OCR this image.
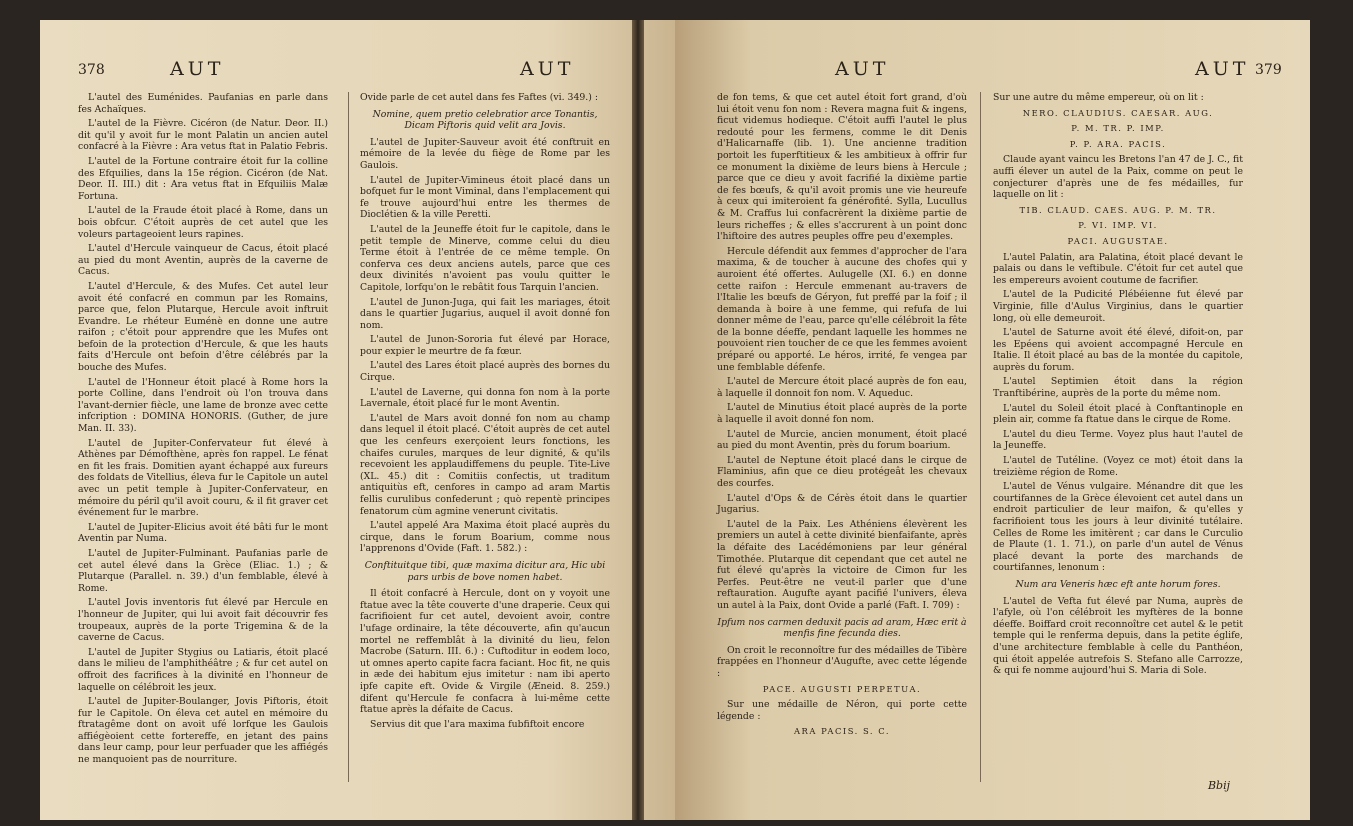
378	AUT	AUT

L'autel des Euménides. Paufanias en parle dans fes Achaïques.

L'autel de la Fièvre. Cicéron (de Natur. Deor. II.) dit qu'il y avoit fur le mont Palatin un ancien autel confacré à la Fièvre : Ara vetus ftat in Palatio Febris.

L'autel de la Fortune contraire étoit fur la colline des Efquilies, dans la 15e région. Cicéron (de Nat. Deor. II. III.) dit : Ara vetus ftat in Efquiliis Malæ Fortuna.

L'autel de la Fraude étoit placé à Rome, dans un bois obfcur. C'étoit auprès de cet autel que les voleurs partageoient leurs rapines.

L'autel d'Hercule vainqueur de Cacus, étoit placé au pied du mont Aventin, auprès de la caverne de Cacus.

L'autel d'Hercule, & des Mufes. Cet autel leur avoit été confacré en commun par les Romains, parce que, felon Plutarque, Hercule avoit inftruit Evandre. Le rhéteur Euménè en donne une autre raifon ; c'étoit pour apprendre que les Mufes ont befoin de la protection d'Hercule, & que les hauts faits d'Hercule ont befoin d'être célébrés par la bouche des Mufes.

L'autel de l'Honneur étoit placé à Rome hors la porte Colline, dans l'endroit où l'on trouva dans l'avant-dernier fiècle, une lame de bronze avec cette infcription : DOMINA HONORIS. (Guther, de jure Man. II. 33).

L'autel de Jupiter-Confervateur fut élevé à Athènes par Démofthène, après fon rappel. Le fénat en fit les frais. Domitien ayant échappé aux fureurs des foldats de Vitellius, éleva fur le Capitole un autel avec un petit temple à Jupiter-Confervateur, en mémoire du péril qu'il avoit couru, & il fit graver cet événement fur le marbre.

L'autel de Jupiter-Elicius avoit été bâti fur le mont Aventin par Numa.

L'autel de Jupiter-Fulminant. Paufanias parle de cet autel élevé dans la Grèce (Eliac. 1.) ; & Plutarque (Parallel. n. 39.) d'un femblable, élevé à Rome.

L'autel Jovis inventoris fut élevé par Hercule en l'honneur de Jupiter, qui lui avoit fait découvrir fes troupeaux, auprès de la porte Trigemina & de la caverne de Cacus.

L'autel de Jupiter Stygius ou Latiaris, étoit placé dans le milieu de l'amphithéâtre ; & fur cet autel on offroit des facrifices à la divinité en l'honneur de laquelle on célébroit les jeux.

L'autel de Jupiter-Boulanger, Jovis Piftoris, étoit fur le Capitole. On éleva cet autel en mémoire du ftratagême dont on avoit ufé lorfque les Gaulois affiégèoient cette fortereffe, en jetant des pains dans leur camp, pour leur perfuader que les affiégés ne manquoient pas de nourriture.

Ovide parle de cet autel dans fes Faftes (vi. 349.) :

Nomine, quem pretio celebratior arce Tonantis, Dicam Piftoris quid velit ara Jovis.

L'autel de Jupiter-Sauveur avoit été conftruit en mémoire de la levée du fiège de Rome par les Gaulois.

L'autel de Jupiter-Vimineus étoit placé dans un bofquet fur le mont Viminal, dans l'emplacement qui fe trouve aujourd'hui entre les thermes de Dioclétien & la ville Peretti.

L'autel de la Jeuneffe étoit fur le capitole, dans le petit temple de Minerve, comme celui du dieu Terme étoit à l'entrée de ce même temple. On conferva ces deux anciens autels, parce que ces deux divinités n'avoient pas voulu quitter le Capitole, lorfqu'on le rebâtit fous Tarquin l'ancien.

L'autel de Junon-Juga, qui fait les mariages, étoit dans le quartier Jugarius, auquel il avoit donné fon nom.

L'autel de Junon-Sororia fut élevé par Horace, pour expier le meurtre de fa fœur.

L'autel des Lares étoit placé auprès des bornes du Cirque.

L'autel de Laverne, qui donna fon nom à la porte Lavernale, étoit placé fur le mont Aventin.

L'autel de Mars avoit donné fon nom au champ dans lequel il étoit placé. C'étoit auprès de cet autel que les cenfeurs exerçoient leurs fonctions, les chaifes curules, marques de leur dignité, & qu'ils recevoient les applaudiffemens du peuple. Tite-Live (XL. 45.) dit : Comitiis confectis, ut traditum antiquitùs eft, cenfores in campo ad aram Martis fellis curulibus confederunt ; quò repentè principes fenatorum cùm agmine venerunt civitatis.

L'autel appelé Ara Maxima étoit placé auprès du cirque, dans le forum Boarium, comme nous l'apprenons d'Ovide (Faft. 1. 582.) :

Conftituitque tibi, quæ maxima dicitur ara, Hic ubi pars urbis de bove nomen habet.

Il étoit confacré à Hercule, dont on y voyoit une ftatue avec la tête couverte d'une draperie. Ceux qui facrifioient fur cet autel, devoient avoir, contre l'ufage ordinaire, la tête découverte, afin qu'aucun mortel ne reffemblât à la divinité du lieu, felon Macrobe (Saturn. III. 6.) : Cuftoditur in eodem loco, ut omnes aperto capite facra faciant. Hoc fit, ne quis in æde dei habitum ejus imitetur : nam ibi aperto ipfe capite eft. Ovide & Virgile (Æneid. 8. 259.) difent qu'Hercule fe confacra à lui-même cette ftatue après la défaite de Cacus.

Servius dit que l'ara maxima fubfiftoit encore

AUT	AUT 379

de fon tems, & que cet autel étoit fort grand, d'où lui étoit venu fon nom : Revera magna fuit & ingens, ficut videmus hodieque. C'étoit auffi l'autel le plus redouté pour les fermens, comme le dit Denis d'Halicarnaffe (lib. 1). Une ancienne tradition portoit les fuperftitieux & les ambitieux à offrir fur ce monument la dixième de leurs biens à Hercule ; parce que ce dieu y avoit facrifié la dixième partie de fes bœufs, & qu'il avoit promis une vie heureufe à ceux qui imiteroient fa générofité. Sylla, Lucullus & M. Craffus lui confacrèrent la dixième partie de leurs richeffes ; & elles s'accrurent à un point donc l'hiftoire des autres peuples offre peu d'exemples.

Hercule défendit aux femmes d'approcher de l'ara maxima, & de toucher à aucune des chofes qui y auroient été offertes. Aulugelle (XI. 6.) en donne cette raifon : Hercule emmenant au-travers de l'Italie les bœufs de Géryon, fut preffé par la foif ; il demanda à boire à une femme, qui refufa de lui donner même de l'eau, parce qu'elle célébroit la fête de la bonne déeffe, pendant laquelle les hommes ne pouvoient rien toucher de ce que les femmes avoient préparé ou apporté. Le héros, irrité, fe vengea par une femblable défenfe.

L'autel de Mercure étoit placé auprès de fon eau, à laquelle il donnoit fon nom. V. Aqueduc.

L'autel de Minutius étoit placé auprès de la porte à laquelle il avoit donné fon nom.

L'autel de Murcie, ancien monument, étoit placé au pied du mont Aventin, près du forum boarium.

L'autel de Neptune étoit placé dans le cirque de Flaminius, afin que ce dieu protégeât les chevaux des courfes.

L'autel d'Ops & de Cérès étoit dans le quartier Jugarius.

L'autel de la Paix. Les Athéniens élevèrent les premiers un autel à cette divinité bienfaifante, après la défaite des Lacédémoniens par leur général Timothée. Plutarque dit cependant que cet autel ne fut élevé qu'après la victoire de Cimon fur les Perfes. Peut-être ne veut-il parler que d'une reftauration. Augufte ayant pacifié l'univers, éleva un autel à la Paix, dont Ovide a parlé (Faft. I. 709) :

Ipfum nos carmen deduxit pacis ad aram, Hæc erit à menfis fine fecunda dies.

On croit le reconnoître fur des médailles de Tibère frappées en l'honneur d'Augufte, avec cette légende :

PACE. AUGUSTI PERPETUA.

Sur une médaille de Néron, qui porte cette légende :

ARA PACIS. S. C.

Sur une autre du même empereur, où on lit :

NERO. CLAUDIUS. CAESAR. AUG.

P. M. TR. P. IMP.

P. P. ARA. PACIS.

Claude ayant vaincu les Bretons l'an 47 de J. C., fit auffi élever un autel de la Paix, comme on peut le conjecturer d'après une de fes médailles, fur laquelle on lit :

TIB. CLAUD. CAES. AUG. P. M. TR.

P. VI. IMP. VI.

PACI. AUGUSTAE.

L'autel Palatin, ara Palatina, étoit placé devant le palais ou dans le veftibule. C'étoit fur cet autel que les empereurs avoient coutume de facrifier.

L'autel de la Pudicité Plébéienne fut élevé par Virginie, fille d'Aulus Virginius, dans le quartier long, où elle demeuroit.

L'autel de Saturne avoit été élevé, difoit-on, par les Epéens qui avoient accompagné Hercule en Italie. Il étoit placé au bas de la montée du capitole, auprès du forum.

L'autel Septimien étoit dans la région Tranftibérine, auprès de la porte du même nom.

L'autel du Soleil étoit placé à Conftantinople en plein air, comme fa ftatue dans le cirque de Rome.

L'autel du dieu Terme. Voyez plus haut l'autel de la Jeuneffe.

L'autel de Tutéline. (Voyez ce mot) étoit dans la treizième région de Rome.

L'autel de Vénus vulgaire. Ménandre dit que les courtifannes de la Grèce élevoient cet autel dans un endroit particulier de leur maifon, & qu'elles y facrifioient tous les jours à leur divinité tutélaire. Celles de Rome les imitèrent ; car dans le Curculio de Plaute (1. 1. 71.), on parle d'un autel de Vénus placé devant la porte des marchands de courtifannes, lenonum :

Num ara Veneris hæc eft ante horum fores.

L'autel de Vefta fut élevé par Numa, auprès de l'afyle, où l'on célébroit les myftères de la bonne déeffe. Boiffard croit reconnoître cet autel & le petit temple qui le renferma depuis, dans la petite églife, d'une architecture femblable à celle du Panthéon, qui étoit appelée autrefois S. Stefano alle Carrozze, & qui fe nomme aujourd'hui S. Maria di Sole.

Bbij
